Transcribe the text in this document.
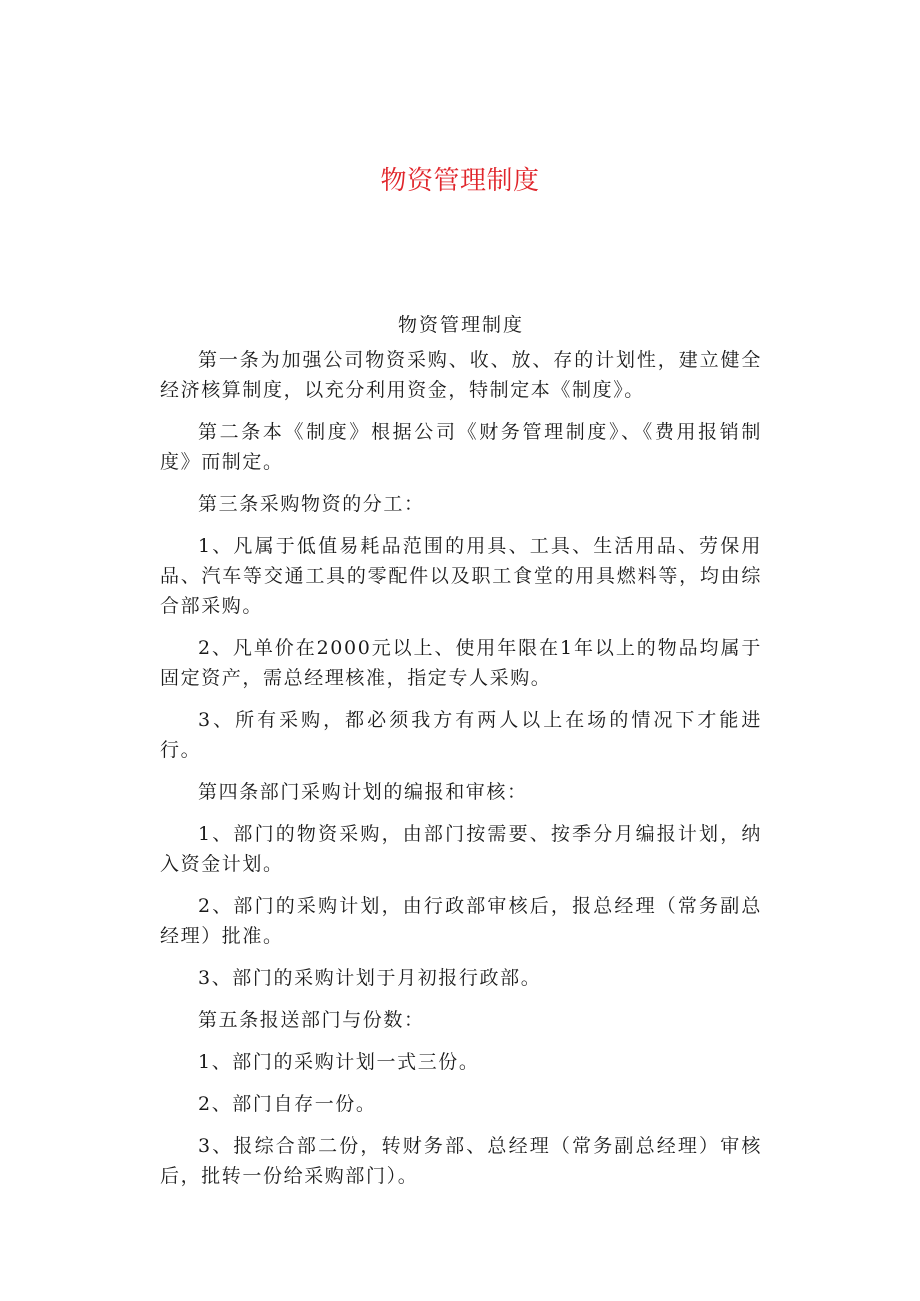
物资管理制度
物资管理制度

第一条为加强公司物资采购、收、放、存的计划性，建立健全经济核算制度，以充分利用资金，特制定本《制度》。

第二条本《制度》根据公司《财务管理制度》、《费用报销制度》而制定。

第三条采购物资的分工：

1、凡属于低值易耗品范围的用具、工具、生活用品、劳保用品、汽车等交通工具的零配件以及职工食堂的用具燃料等，均由综合部采购。

2、凡单价在2000元以上、使用年限在1年以上的物品均属于固定资产，需总经理核准，指定专人采购。

3、所有采购，都必须我方有两人以上在场的情况下才能进行。

第四条部门采购计划的编报和审核：

1、部门的物资采购，由部门按需要、按季分月编报计划，纳入资金计划。

2、部门的采购计划，由行政部审核后，报总经理（常务副总经理）批准。

3、部门的采购计划于月初报行政部。

第五条报送部门与份数：

1、部门的采购计划一式三份。

2、部门自存一份。

3、报综合部二份，转财务部、总经理（常务副总经理）审核后，批转一份给采购部门）。
